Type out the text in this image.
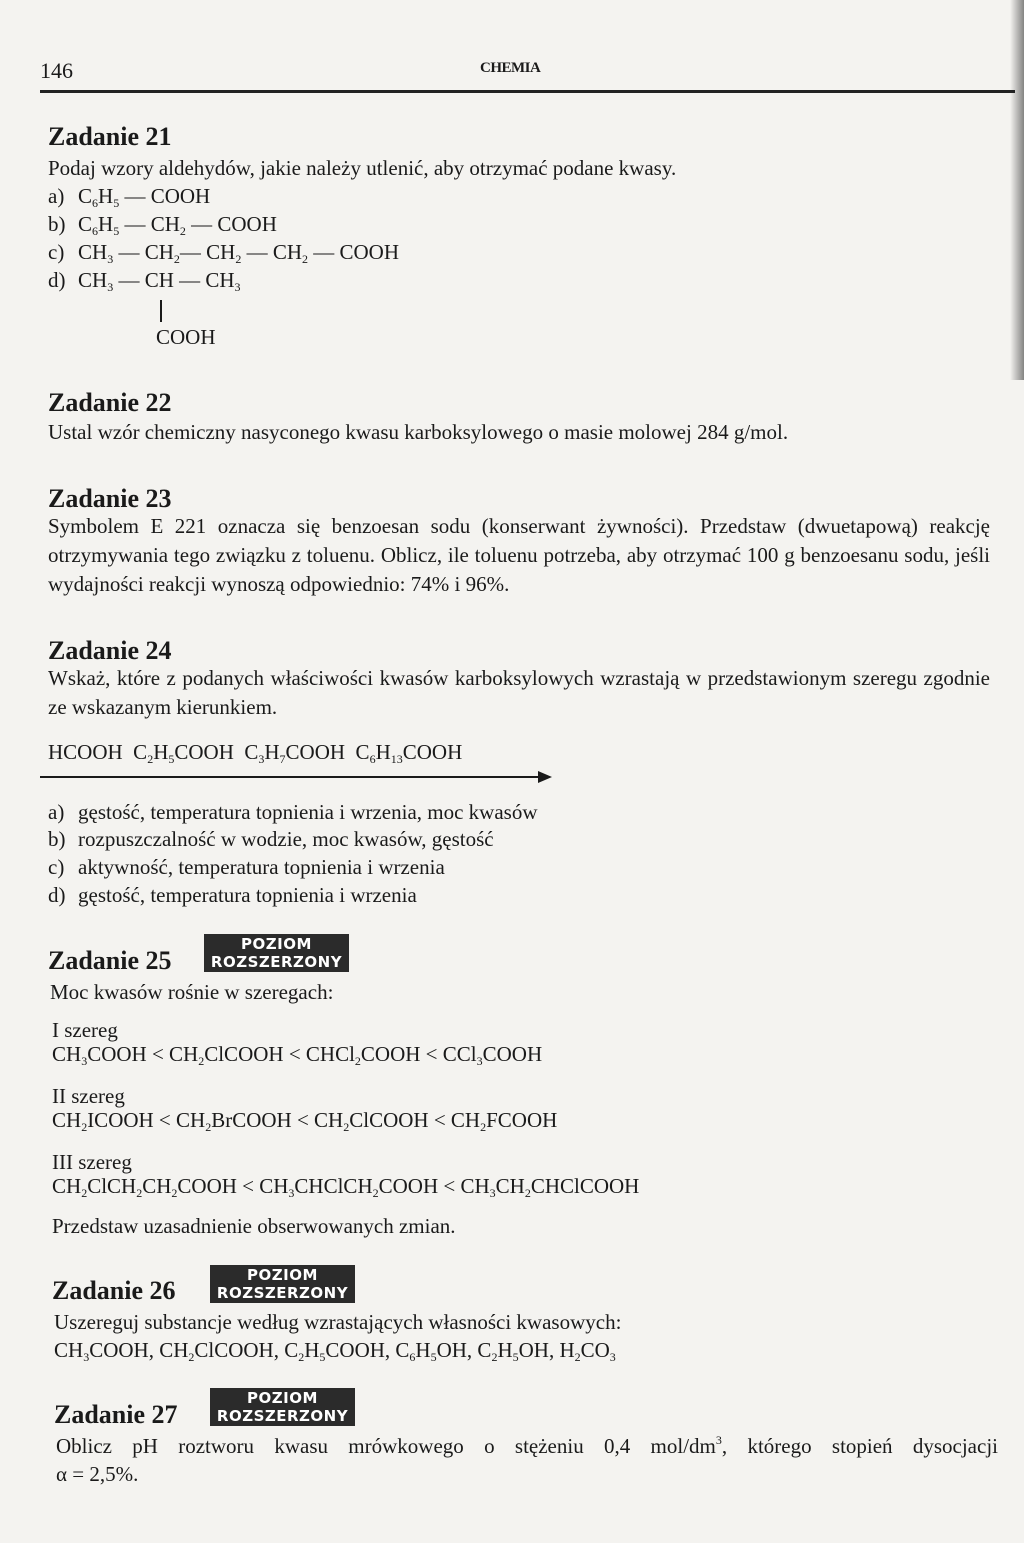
146	CHEMIA
Zadanie 21
Podaj wzory aldehydów, jakie należy utlenić, aby otrzymać podane kwasy.
a) $C_6H_5$ — COOH
b) $C_6H_5$ — $CH_2$ — COOH
c) $CH_3$ — $CH_2—$ $CH_2$ — $CH_2$ — COOH
d) $CH_3$ — CH — $CH_3$
COOH
Zadanie 22
Ustal wzór chemiczny nasyconego kwasu karboksylowego o masie molowej 284 g/mol.
Zadanie 23
Symbolem E 221 oznacza się benzoesan sodu (konserwant żywności). Przedstaw (dwuetapową) reakcję otrzymywania tego związku z toluenu. Oblicz, ile toluenu potrzeba, aby otrzymać 100 g benzoesanu sodu, jeśli wydajności reakcji wynoszą odpowiednio: 74% i 96%.
Zadanie 24
Wskaż, które z podanych właściwości kwasów karboksylowych wzrastają w przedstawionym szeregu zgodnie ze wskazanym kierunkiem.
HCOOH  $C_2H_5COOH$  $C_3H_7COOH$  $C_6H_{13}COOH$
a) gęstość, temperatura topnienia i wrzenia, moc kwasów
b) rozpuszczalność w wodzie, moc kwasów, gęstość
c) aktywność, temperatura topnienia i wrzenia
d) gęstość, temperatura topnienia i wrzenia
Zadanie 25
POZIOM
ROZSZERZONY
Moc kwasów rośnie w szeregach:
I szereg
$CH_3COOH$ < $CH_2ClCOOH$ < CHCl$_2$COOH < CCl$_3$COOH
II szereg
$CH_2ICOOH$ < $CH_2BrCOOH$ < $CH_2ClCOOH$ < $CH_2FCOOH$
III szereg
$CH_2ClCH_2CH_2COOH$ < $CH_3CHClCH_2COOH$ < $CH_3CH_2CHClCOOH$
Przedstaw uzasadnienie obserwowanych zmian.
Zadanie 26
POZIOM
ROZSZERZONY
Uszereguj substancje według wzrastających własności kwasowych:
$CH_3COOH$, $CH_2ClCOOH$, $C_2H_5COOH$, $C_6H_5OH$, $C_2H_5OH$, $H_2CO_3$
Zadanie 27
POZIOM
ROZSZERZONY
Oblicz pH roztworu kwasu mrówkowego o stężeniu 0,4 mol/$dm^3$, którego stopień dysocjacji
α = 2,5%.
